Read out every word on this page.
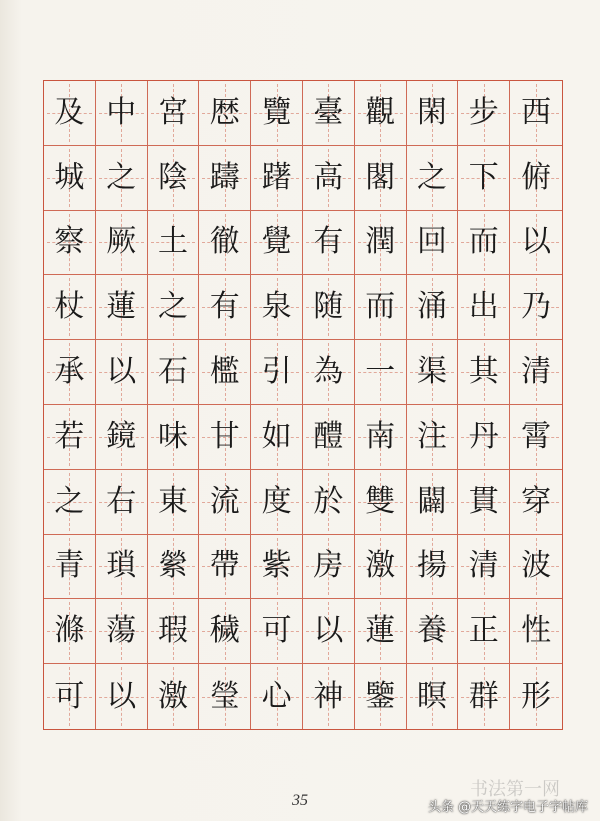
及 中 宮 厯 覽 臺 觀 閑 步 西
城 之 陰 躊 躇 高 閣 之 下 俯
察 厥 土 徹 覺 有 潤 回 而 以
杖 蓮 之 有 泉 随 而 涌 出 乃
承 以 石 檻 引 為 一 渠 其 清
若 鏡 味 甘 如 醴 南 注 丹 霄
之 右 東 流 度 於 雙 闢 貫 穿
青 瑣 縈 帶 紫 房 激 揚 清 波
滌 蕩 瑕 穢 可 以 蓮 養 正 性
可 以 激 瑩 心 神 鑒 瞑 群 形
书法第一网
35	头条 @天天练字电子字帖库
